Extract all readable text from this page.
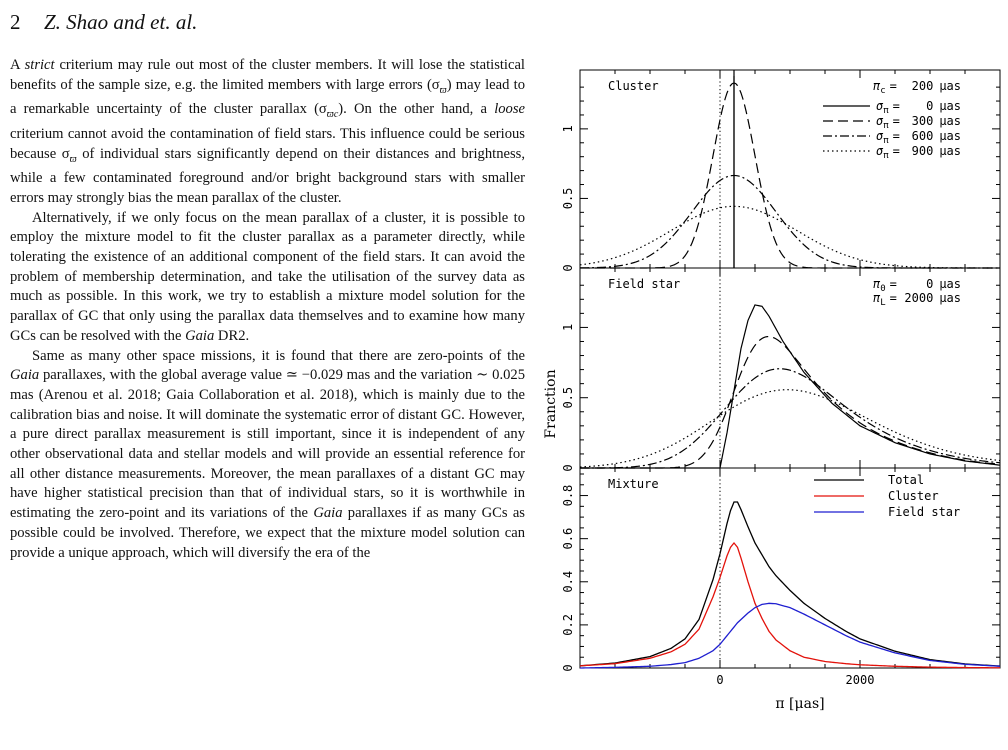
2 Z. Shao and et. al.

A strict criterium may rule out most of the cluster members. It will lose the statistical benefits of the sample size, e.g. the limited members with large errors $(\sigma_ϖ)$ may lead to a remarkable uncertainty of the cluster parallax $(\sigma_{ϖc})$. On the other hand, a loose criterium cannot avoid the contamination of field stars. This influence could be serious because $\sigma_ϖ$ of individual stars significantly depend on their distances and brightness, while a few contaminated foreground and/or bright background stars with smaller errors may strongly bias the mean parallax of the cluster.

Alternatively, if we only focus on the mean parallax of a cluster, it is possible to employ the mixture model to fit the cluster parallax as a parameter directly, while tolerating the existence of an additional component of the field stars. It can avoid the problem of membership determination, and take the utilisation of the survey data as much as possible. In this work, we try to establish a mixture model solution for the parallax of GC that only using the parallax data themselves and to examine how many GCs can be resolved with the Gaia DR2.

Same as many other space missions, it is found that there are zero-points of the Gaia parallaxes, with the global average value ≃ −0.029 mas and the variation ∼ 0.025 mas (Arenou et al. 2018; Gaia Collaboration et al. 2018), which is mainly due to the calibration bias and noise. It will dominate the systematic error of distant GC. However, a pure direct parallax measurement is still important, since it is independent of any other observational data and stellar models and will provide an essential reference for all other distance measurements. Moreover, the mean parallaxes of a distant GC may have higher statistical precision than that of individual stars, so it is worthwhile in estimating the zero-point and its variations of the Gaia parallaxes if as many GCs as possible could be involved. Therefore, we expect that the mixture model solution can provide a unique approach, which will diversify the era of the

0
0.5
1
Cluster	$\pi_c = 200$ μas
$\sigma_\pi = 0$ μas
$\sigma_\pi = 300$ μas
$\sigma_\pi = 600$ μas
$\sigma_\pi = 900$ μas
0
0.5
1
Field star	$\pi_0 = 0$ μas
$\pi_L = 2000$ μas
0
0.2
0.4
0.6
0.8
0	2000
Mixture	Total
Cluster
Field star
π [μas]
Franction
